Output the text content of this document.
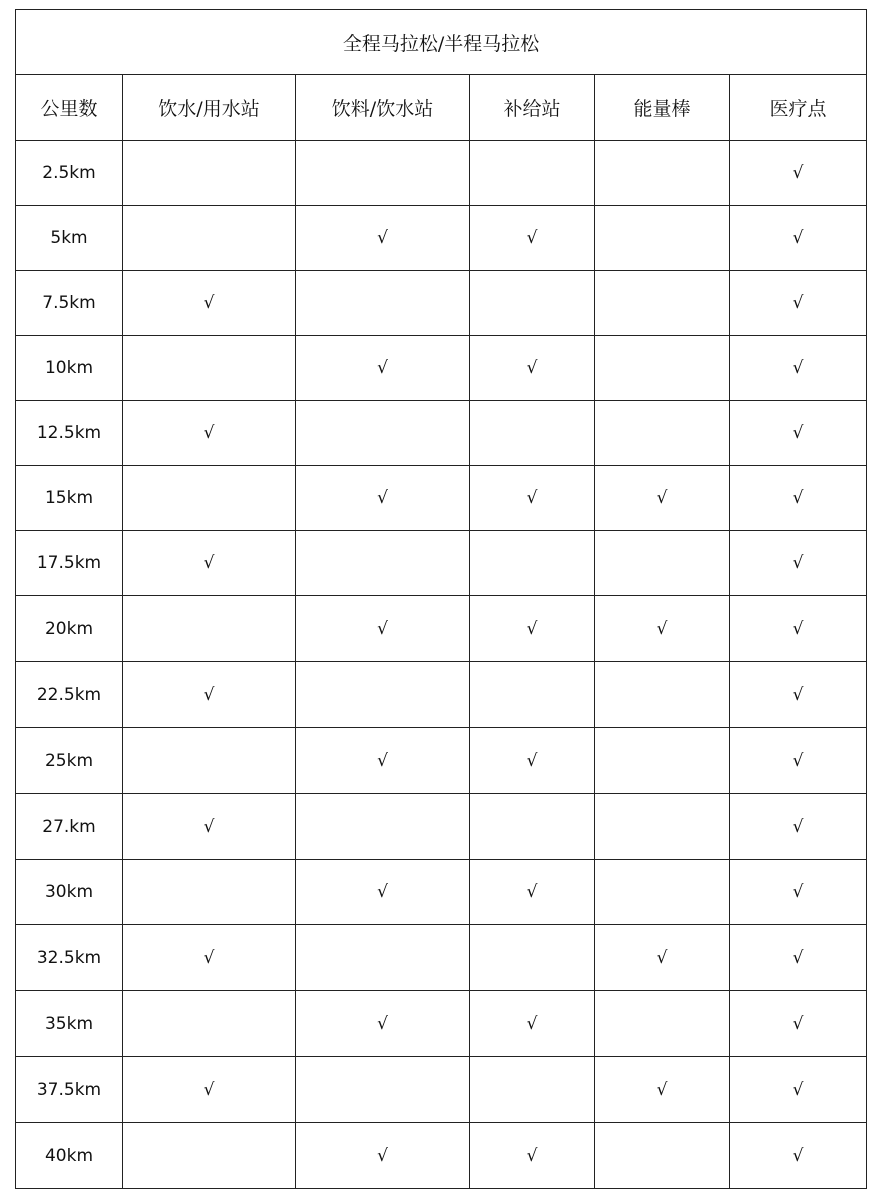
全程马拉松/半程马拉松					
公里数	饮水/用水站	饮料/饮水站	补给站	能量棒	医疗点
2.5km					√
5km		√	√		√
7.5km	√				√
10km		√	√		√
12.5km	√				√
15km		√	√	√	√
17.5km	√				√
20km		√	√	√	√
22.5km	√				√
25km		√	√		√
27.km	√				√
30km		√	√		√
32.5km	√			√	√
35km		√	√		√
37.5km	√			√	√
40km		√	√		√
